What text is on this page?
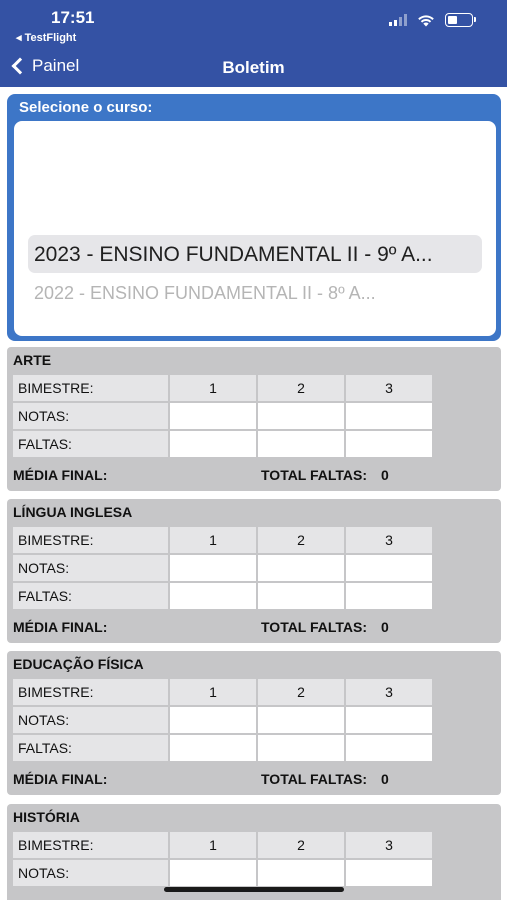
17:51
◂ TestFlight
Painel	Boletim
Selecione o curso:
2023 - ENSINO FUNDAMENTAL II - 9º A...
2022 - ENSINO FUNDAMENTAL II - 8º A...
ARTE
BIMESTRE:	1	2	3
NOTAS:
FALTAS:
MÉDIA FINAL:	TOTAL FALTAS: 0
LÍNGUA INGLESA
BIMESTRE:	1	2	3
NOTAS:
FALTAS:
MÉDIA FINAL:	TOTAL FALTAS: 0
EDUCAÇÃO FÍSICA
BIMESTRE:	1	2	3
NOTAS:
FALTAS:
MÉDIA FINAL:	TOTAL FALTAS: 0
HISTÓRIA
BIMESTRE:	1	2	3
NOTAS:
